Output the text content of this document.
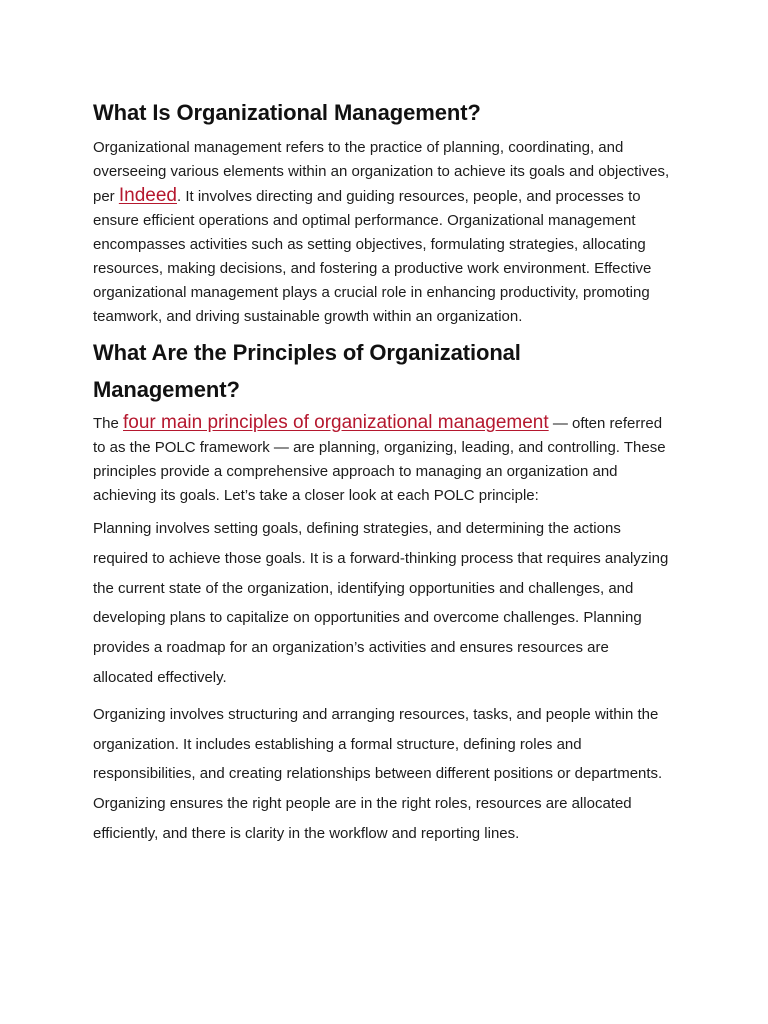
What Is Organizational Management?

Organizational management refers to the practice of planning, coordinating, and overseeing various elements within an organization to achieve its goals and objectives, per Indeed. It involves directing and guiding resources, people, and processes to ensure efficient operations and optimal performance. Organizational management encompasses activities such as setting objectives, formulating strategies, allocating resources, making decisions, and fostering a productive work environment. Effective organizational management plays a crucial role in enhancing productivity, promoting teamwork, and driving sustainable growth within an organization.

What Are the Principles of Organizational Management?

The four main principles of organizational management — often referred to as the POLC framework — are planning, organizing, leading, and controlling. These principles provide a comprehensive approach to managing an organization and achieving its goals. Let’s take a closer look at each POLC principle:

Planning involves setting goals, defining strategies, and determining the actions required to achieve those goals. It is a forward-thinking process that requires analyzing the current state of the organization, identifying opportunities and challenges, and developing plans to capitalize on opportunities and overcome challenges. Planning provides a roadmap for an organization’s activities and ensures resources are allocated effectively.

Organizing involves structuring and arranging resources, tasks, and people within the organization. It includes establishing a formal structure, defining roles and responsibilities, and creating relationships between different positions or departments. Organizing ensures the right people are in the right roles, resources are allocated efficiently, and there is clarity in the workflow and reporting lines.
